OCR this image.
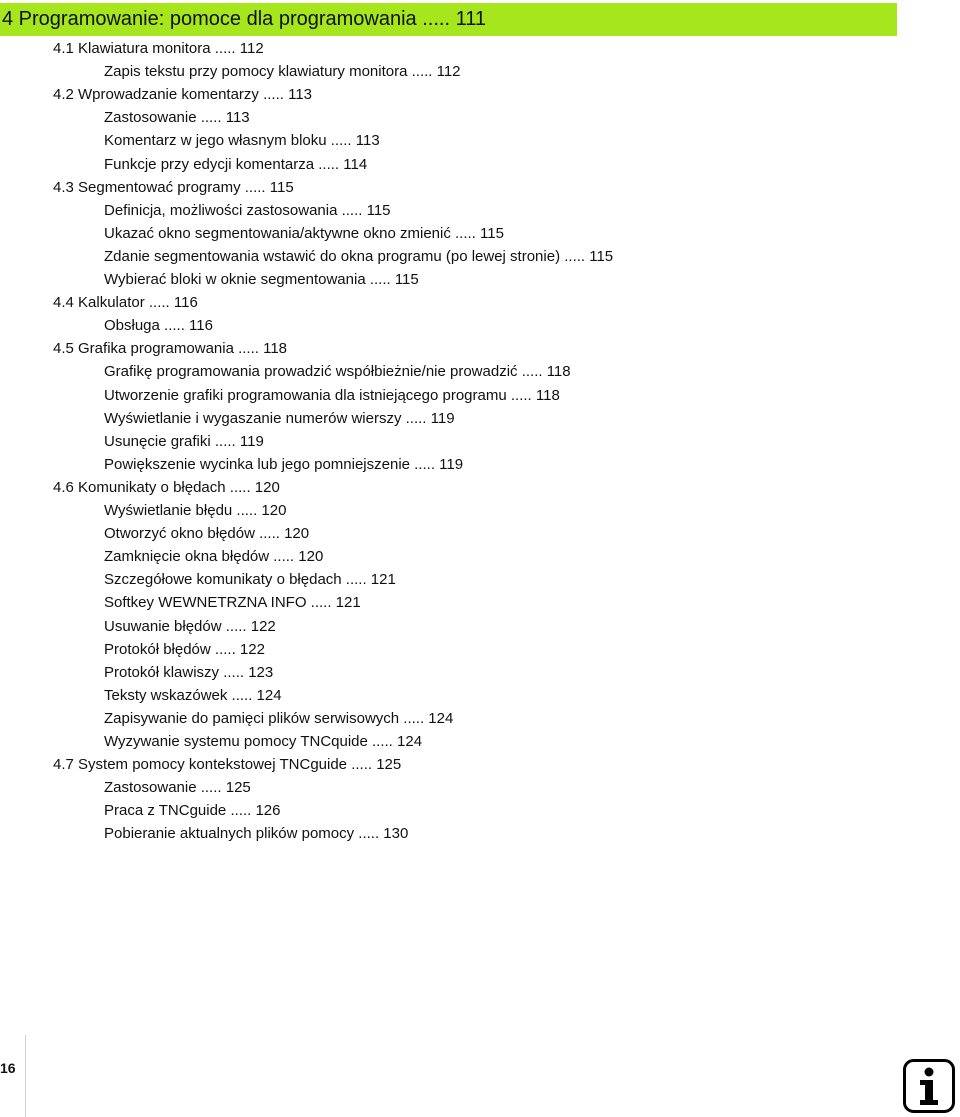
4 Programowanie: pomoce dla programowania ..... 111
4.1 Klawiatura monitora ..... 112
Zapis tekstu przy pomocy klawiatury monitora ..... 112
4.2 Wprowadzanie komentarzy ..... 113
Zastosowanie ..... 113
Komentarz w jego własnym bloku ..... 113
Funkcje przy edycji komentarza ..... 114
4.3 Segmentować programy ..... 115
Definicja, możliwości zastosowania ..... 115
Ukazać okno segmentowania/aktywne okno zmienić ..... 115
Zdanie segmentowania wstawić do okna programu (po lewej stronie) ..... 115
Wybierać bloki w oknie segmentowania ..... 115
4.4 Kalkulator ..... 116
Obsługa ..... 116
4.5 Grafika programowania ..... 118
Grafikę programowania prowadzić współbieżnie/nie prowadzić ..... 118
Utworzenie grafiki programowania dla istniejącego programu ..... 118
Wyświetlanie i wygaszanie numerów wierszy ..... 119
Usunęcie grafiki ..... 119
Powiększenie wycinka lub jego pomniejszenie ..... 119
4.6 Komunikaty o błędach ..... 120
Wyświetlanie błędu ..... 120
Otworzyć okno błędów ..... 120
Zamknięcie okna błędów ..... 120
Szczegółowe komunikaty o błędach ..... 121
Softkey WEWNETRZNA INFO ..... 121
Usuwanie błędów ..... 122
Protokół błędów ..... 122
Protokół klawiszy ..... 123
Teksty wskazówek ..... 124
Zapisywanie do pamięci plików serwisowych ..... 124
Wyzywanie systemu pomocy TNCquide ..... 124
4.7 System pomocy kontekstowej TNCguide ..... 125
Zastosowanie ..... 125
Praca z TNCguide ..... 126
Pobieranie aktualnych plików pomocy ..... 130
16
